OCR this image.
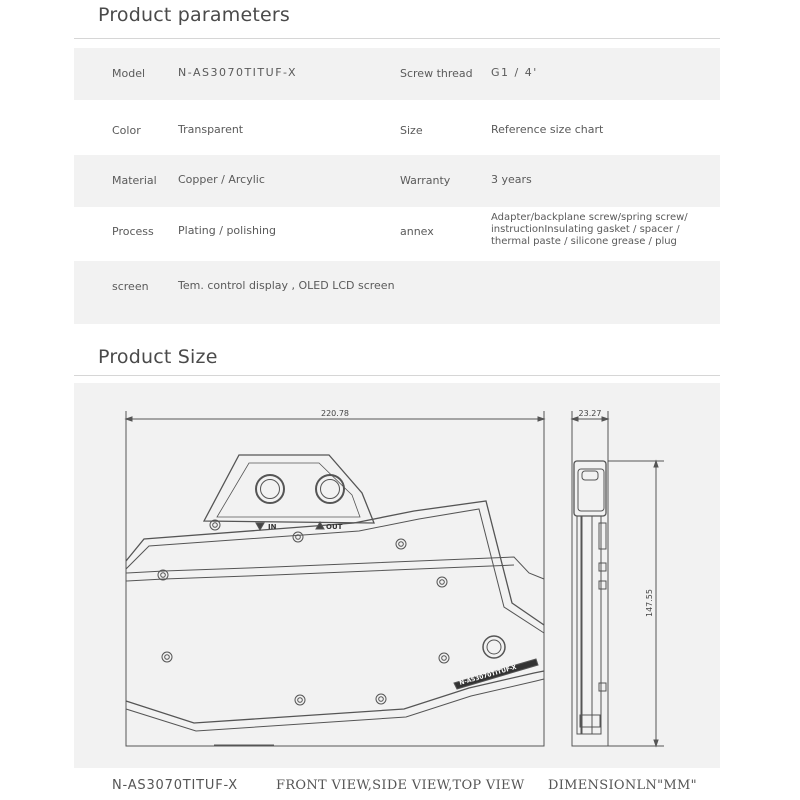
Product parameters
Model	N-AS3070TITUF-X	Screw thread G1 / 4'
Color	Transparent	Size	Reference size chart
Material Copper / Arcylic	Warranty	3 years
Process Plating / polishing	annex
Adapter/backplane screw/spring screw/
instructionInsulating gasket / spacer /
thermal paste / silicone grease / plug
screen	Tem. control display , OLED LCD screen
Product Size
220.78	23.27
147.55
IN	OUT
N-AS3070TITUF-X
N-AS3070TITUF-X	FRONT VIEW,SIDE VIEW,TOP VIEW DIMENSIONLN"MM"
